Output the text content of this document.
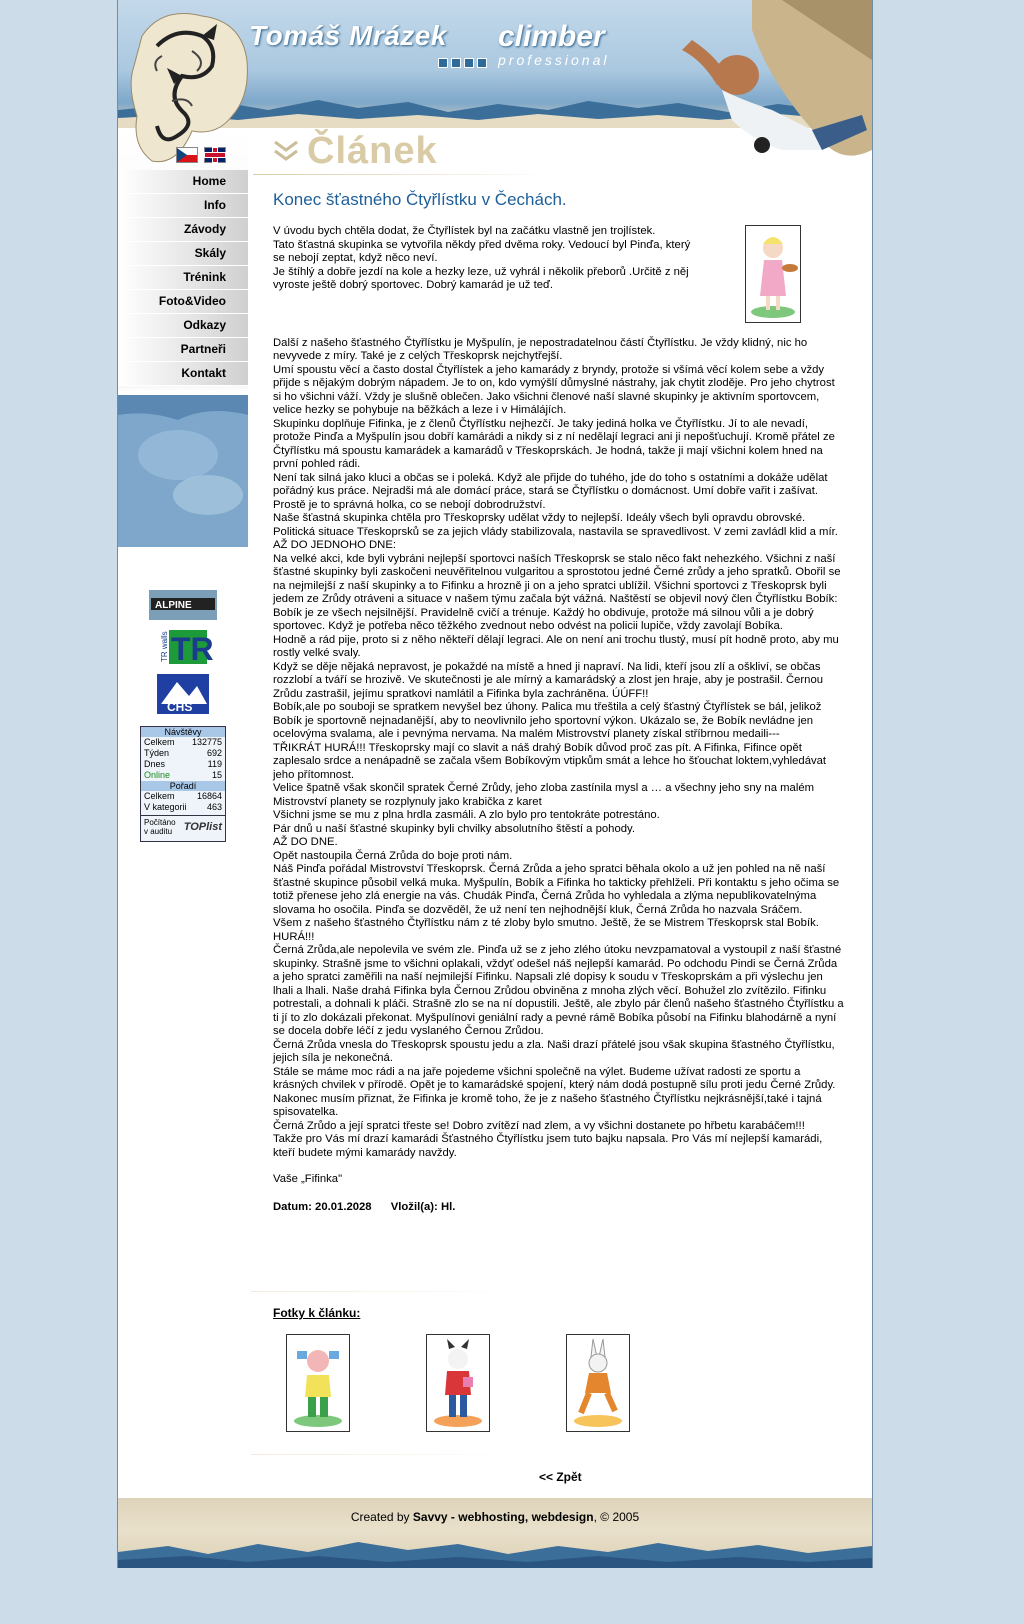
Tomáš Mrázek climber
professional
Home
Info
Závody
Skály
Trénink
Foto&Video
Odkazy
Partneři
Kontakt
ALPINE
TR
TR walls
CHS
Návštěvy
Celkem 132775
Týden	692
Dnes	119
Online	15
Pořadí
Celkem 16864
V kategorii 463
Počítáno
v auditu	TOPlist
Článek
Konec šťastného Čtyřlístku v Čechách.

V úvodu bych chtěla dodat, že Čtyřlístek byl na začátku vlastně jen trojlístek.
Tato šťastná skupinka se vytvořila někdy před dvěma roky. Vedoucí byl Pinďa, který se nebojí zeptat, když něco neví.
Je štíhlý a dobře jezdí na kole a hezky leze, už vyhrál i několik přeborů .Určitě z něj vyroste ještě dobrý sportovec. Dobrý kamarád je už teď.

Další z našeho šťastného Čtyřlístku je Myšpulín, je nepostradatelnou částí Čtyřlístku. Je vždy klidný, nic ho nevyvede z míry. Také je z celých Třeskoprsk nejchytřejší.

Umí spoustu věcí a často dostal Čtyřlístek a jeho kamarády z bryndy, protože si všímá věcí kolem sebe a vždy přijde s nějakým dobrým nápadem. Je to on, kdo vymýšlí důmyslné nástrahy, jak chytit zloděje. Pro jeho chytrost si ho všichni váží. Vždy je slušně oblečen. Jako všichni členové naší slavné skupinky je aktivním sportovcem, velice hezky se pohybuje na běžkách a leze i v Himálájích.

Skupinku doplňuje Fifinka, je z členů Čtyřlístku nejhezčí. Je taky jediná holka ve Čtyřlístku. Jí to ale nevadí, protože Pinďa a Myšpulín jsou dobří kamárádi a nikdy si z ní nedělají legraci ani ji nepošťuchují. Kromě přátel ze Čtyřlístku má spoustu kamarádek a kamarádů v Třeskoprskách. Je hodná, takže ji mají všichni kolem hned na první pohled rádi.

Není tak silná jako kluci a občas se i poleká. Když ale přijde do tuhého, jde do toho s ostatními a dokáže udělat pořádný kus práce. Nejradši má ale domácí práce, stará se Čtyřlístku o domácnost. Umí dobře vařit i zašívat. Prostě je to správná holka, co se nebojí dobrodružství.

Naše šťastná skupinka chtěla pro Třeskoprsky udělat vždy to nejlepší. Ideály všech byli opravdu obrovské. Politická situace Třeskoprsků se za jejich vlády stabilizovala, nastavila se spravedlivost. V zemi zavládl klid a mír.

AŽ DO JEDNOHO DNE:

Na velké akci, kde byli vybráni nejlepší sportovci naších Třeskoprsk se stalo něco fakt nehezkého. Všichni z naší šťastné skupinky byli zaskočeni neuvěřitelnou vulgaritou a sprostotou jedné Černé zrůdy a jeho spratků. Obořil se na nejmilejší z naší skupinky a to Fifinku a hrozně ji on a jeho spratci ublížil. Všichni sportovci z Třeskoprsk byli jedem ze Zrůdy otráveni a situace v našem týmu začala být vážná. Naštěstí se objevil nový člen Čtyřlístku Bobík: Bobík je ze všech nejsilnější. Pravidelně cvičí a trénuje. Každý ho obdivuje, protože má silnou vůli a je dobrý sportovec. Když je potřeba něco těžkého zvednout nebo odvést na policii lupiče, vždy zavolají Bobíka.

Hodně a rád pije, proto si z něho někteří dělají legraci. Ale on není ani trochu tlustý, musí pít hodně proto, aby mu rostly velké svaly.

Když se děje nějaká nepravost, je pokaždé na místě a hned ji napraví. Na lidi, kteří jsou zlí a oškliví, se občas rozzlobí a tváří se hrozivě. Ve skutečnosti je ale mírný a kamarádský a zlost jen hraje, aby je postrašil. Černou Zrůdu zastrašil, jejímu spratkovi namlátil a Fifinka byla zachráněna. ÚÚFF!!

Bobík,ale po souboji se spratkem nevyšel bez úhony. Palica mu třeštila a celý šťastný Čtyřlístek se bál, jelikož Bobík je sportovně nejnadanější, aby to neovlivnilo jeho sportovní výkon. Ukázalo se, že Bobík nevládne jen ocelovýma svalama, ale i pevnýma nervama. Na malém Mistrovství planety získal stříbrnou medaili---

TŘIKRÁT HURÁ!!! Třeskoprsky mají co slavit a náš drahý Bobík důvod proč zas pít. A Fifinka, Fifince opět zaplesalo srdce a nenápadně se začala všem Bobíkovým vtipkům smát a lehce ho šťouchat loktem,vyhledávat jeho přítomnost.

Velice špatně však skončil spratek Černé Zrůdy, jeho zloba zastínila mysl a … a všechny jeho sny na malém Mistrovství planety se rozplynuly jako krabička z karet

Všichni jsme se mu z plna hrdla zasmáli. A zlo bylo pro tentokráte potrestáno.

Pár dnů u naší šťastné skupinky byli chvilky absolutního štěstí a pohody.

AŽ DO DNE.

Opět nastoupila Černá Zrůda do boje proti nám.

Náš Pinďa pořádal Mistrovství Třeskoprsk. Černá Zrůda a jeho spratci běhala okolo a už jen pohled na ně naší šťastné skupince působil velká muka. Myšpulín, Bobík a Fifinka ho takticky přehlželi. Při kontaktu s jeho očima se totiž přenese jeho zlá energie na vás. Chudák Pinďa, Černá Zrůda ho vyhledala a zlýma nepublikovatelnýma slovama ho osočila. Pinďa se dozvěděl, že už není ten nejhodnější kluk, Černá Zrůda ho nazvala Sráčem.

Všem z našeho šťastného Čtyřlístku nám z té zloby bylo smutno. Ještě, že se Mistrem Třeskoprsk stal Bobík. HURÁ!!!

Černá Zrůda,ale nepolevila ve svém zle. Pinďa už se z jeho zlého útoku nevzpamatoval a vystoupil z naší šťastné skupinky. Strašně jsme to všichni oplakali, vždyť odešel náš nejlepší kamarád. Po odchodu Pindi se Černá Zrůda a jeho spratci zaměřili na naší nejmilejší Fifinku. Napsali zlé dopisy k soudu v Třeskoprskám a při výslechu jen lhali a lhali. Naše drahá Fifinka byla Černou Zrůdou obviněna z mnoha zlých věcí. Bohužel zlo zvítězilo. Fifinku potrestali, a dohnali k pláči. Strašně zlo se na ní dopustili. Ještě, ale zbylo pár členů našeho šťastného Čtyřlístku a ti jí to zlo dokázali překonat. Myšpulínovi geniální rady a pevné rámě Bobíka působí na Fifinku blahodárně a nyní se docela dobře léčí z jedu vyslaného Černou Zrůdou.

Černá Zrůda vnesla do Třeskoprsk spoustu jedu a zla. Naši drazí přátelé jsou však skupina šťastného Čtyřlístku, jejich síla je nekonečná.

Stále se máme moc rádi a na jaře pojedeme všichni společně na výlet. Budeme užívat radosti ze sportu a krásných chvilek v přírodě. Opět je to kamarádské spojení, který nám dodá postupně sílu proti jedu Černé Zrůdy.

Nakonec musím přiznat, že Fifinka je kromě toho, že je z našeho šťastného Čtyřlístku nejkrásnější,také i tajná spisovatelka.

Černá Zrůdo a její spratci třeste se! Dobro zvítězí nad zlem, a vy všichni dostanete po hřbetu karabáčem!!!

Takže pro Vás mí drazí kamarádi Šťastného Čtyřlístku jsem tuto bajku napsala. Pro Vás mí nejlepší kamarádi, kteří budete mými kamarády navždy.

Vaše „Fifinka"

Datum: 20.01.2028 Vložil(a): Hl.

Fotky k článku:
<< Zpět
Created by Savvy - webhosting, webdesign, © 2005
